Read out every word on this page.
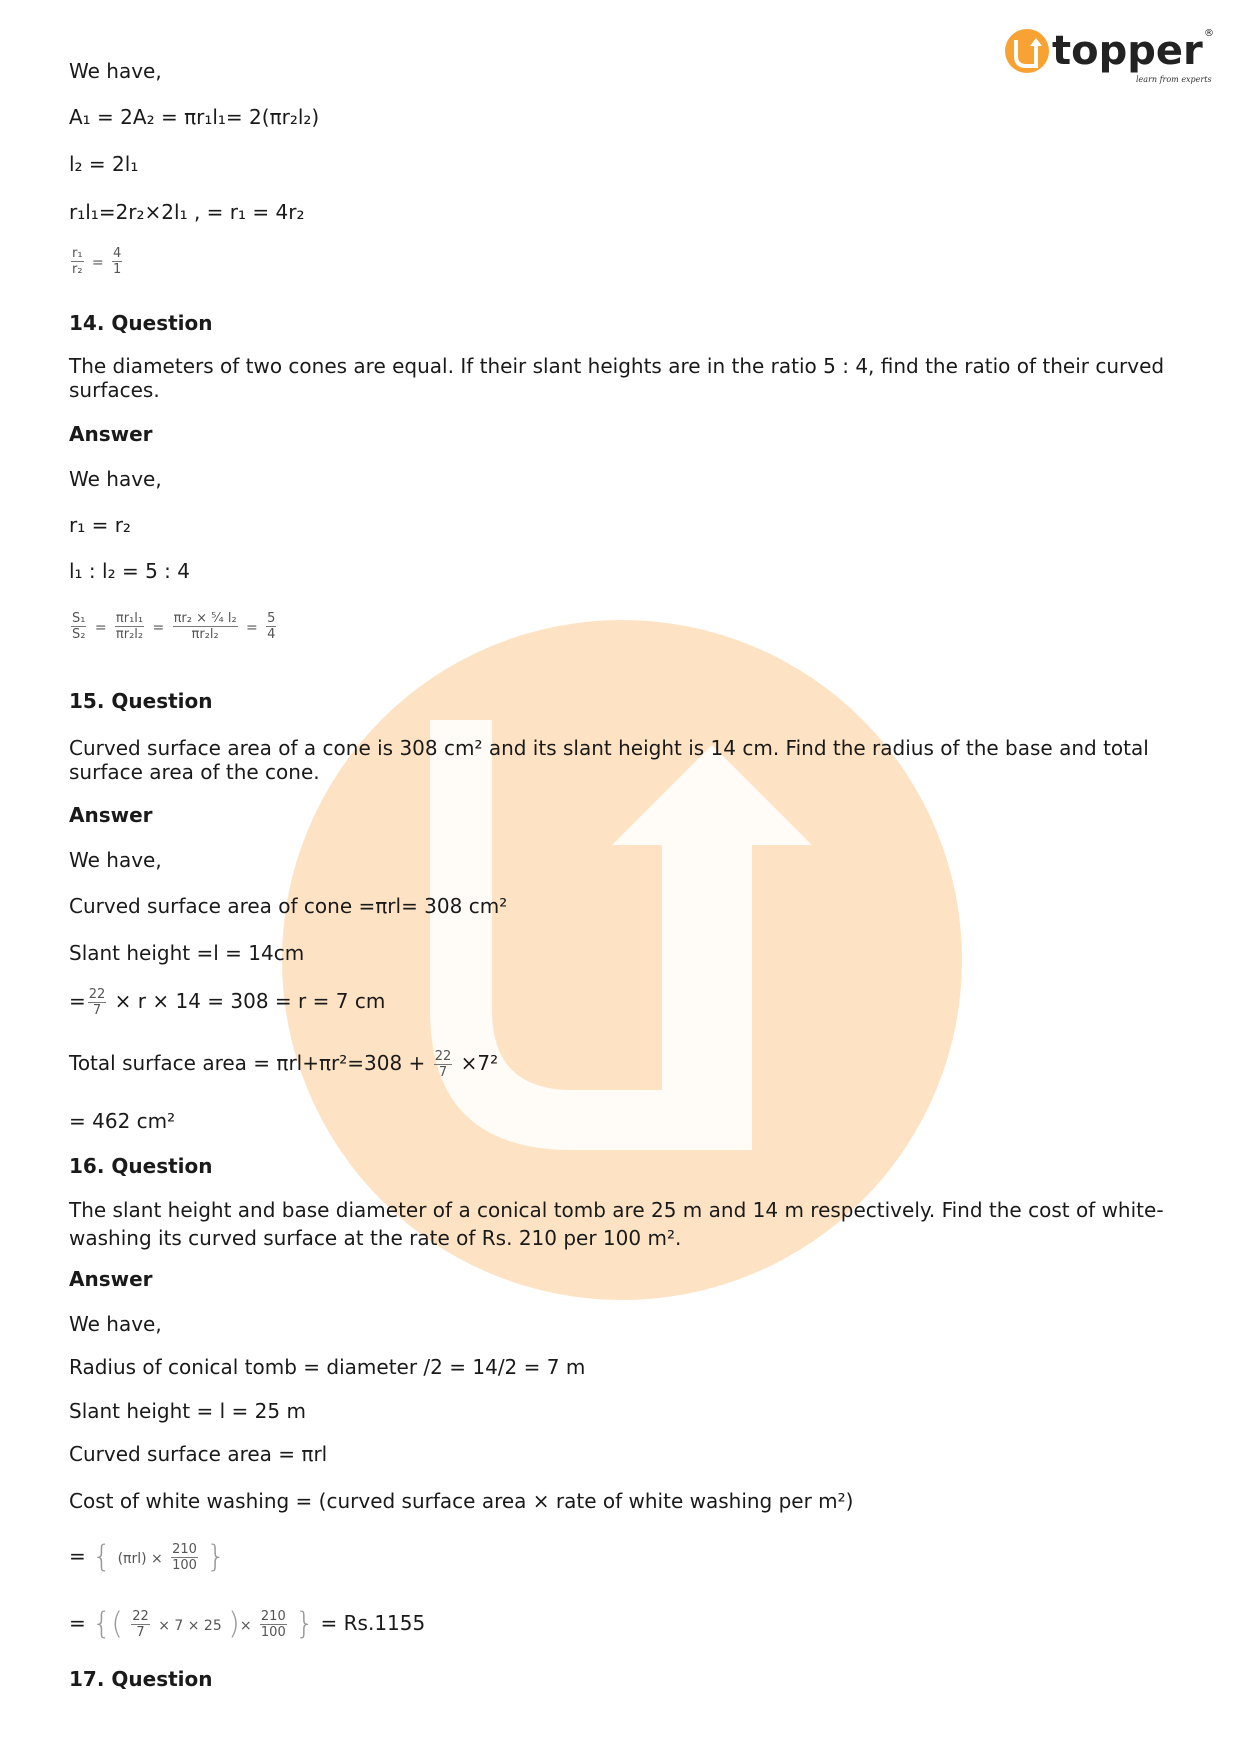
topper ®
learn from experts
We have,
A₁ = 2A₂ = πr₁l₁= 2(πr₂l₂)
l₂ = 2l₁
r₁l₁=2r₂×2l₁ , = r₁ = 4r₂
$\frac{\text{r₁}}{\text{r₂}} = \frac{4}{1}$
14. Question
The diameters of two cones are equal. If their slant heights are in the ratio 5 : 4, find the ratio of their curved surfaces.
Answer
We have,
r₁ = r₂
l₁ : l₂ = 5 : 4
$\frac{\text{S₁}}{\text{S₂}} = \frac{\text{πr₁l₁}}{\text{πr₂l₂}} = \frac{\text{πr₂ × ⁵⁄₄ l₂}}{\text{πr₂l₂}} = \frac{5}{4}$
15. Question
Curved surface area of a cone is 308 cm² and its slant height is 14 cm. Find the radius of the base and total surface area of the cone.
Answer
We have,
Curved surface area of cone =πrl= 308 cm²
Slant height =l = 14cm
= $\frac{22}{7} \times r \times 14 = 308 = r = 7$ cm
Total surface area = $\pi rl+\pi r^2=308 + \frac{22}{7} \times 7^2$
= 462 cm²
16. Question
The slant height and base diameter of a conical tomb are 25 m and 14 m respectively. Find the cost of white-washing its curved surface at the rate of Rs. 210 per 100 m².
Answer
We have,
Radius of conical tomb = diameter /2 = 14/2 = 7 m
Slant height = l = 25 m
Curved surface area = πrl
Cost of white washing = (curved surface area × rate of white washing per m²)
= { $(\pi rl) \times \frac{210}{100}$ }
= {( $\frac{22}{7} \times 7 \times 25$ )× $\frac{210}{100}$ } = Rs.1155
17. Question
